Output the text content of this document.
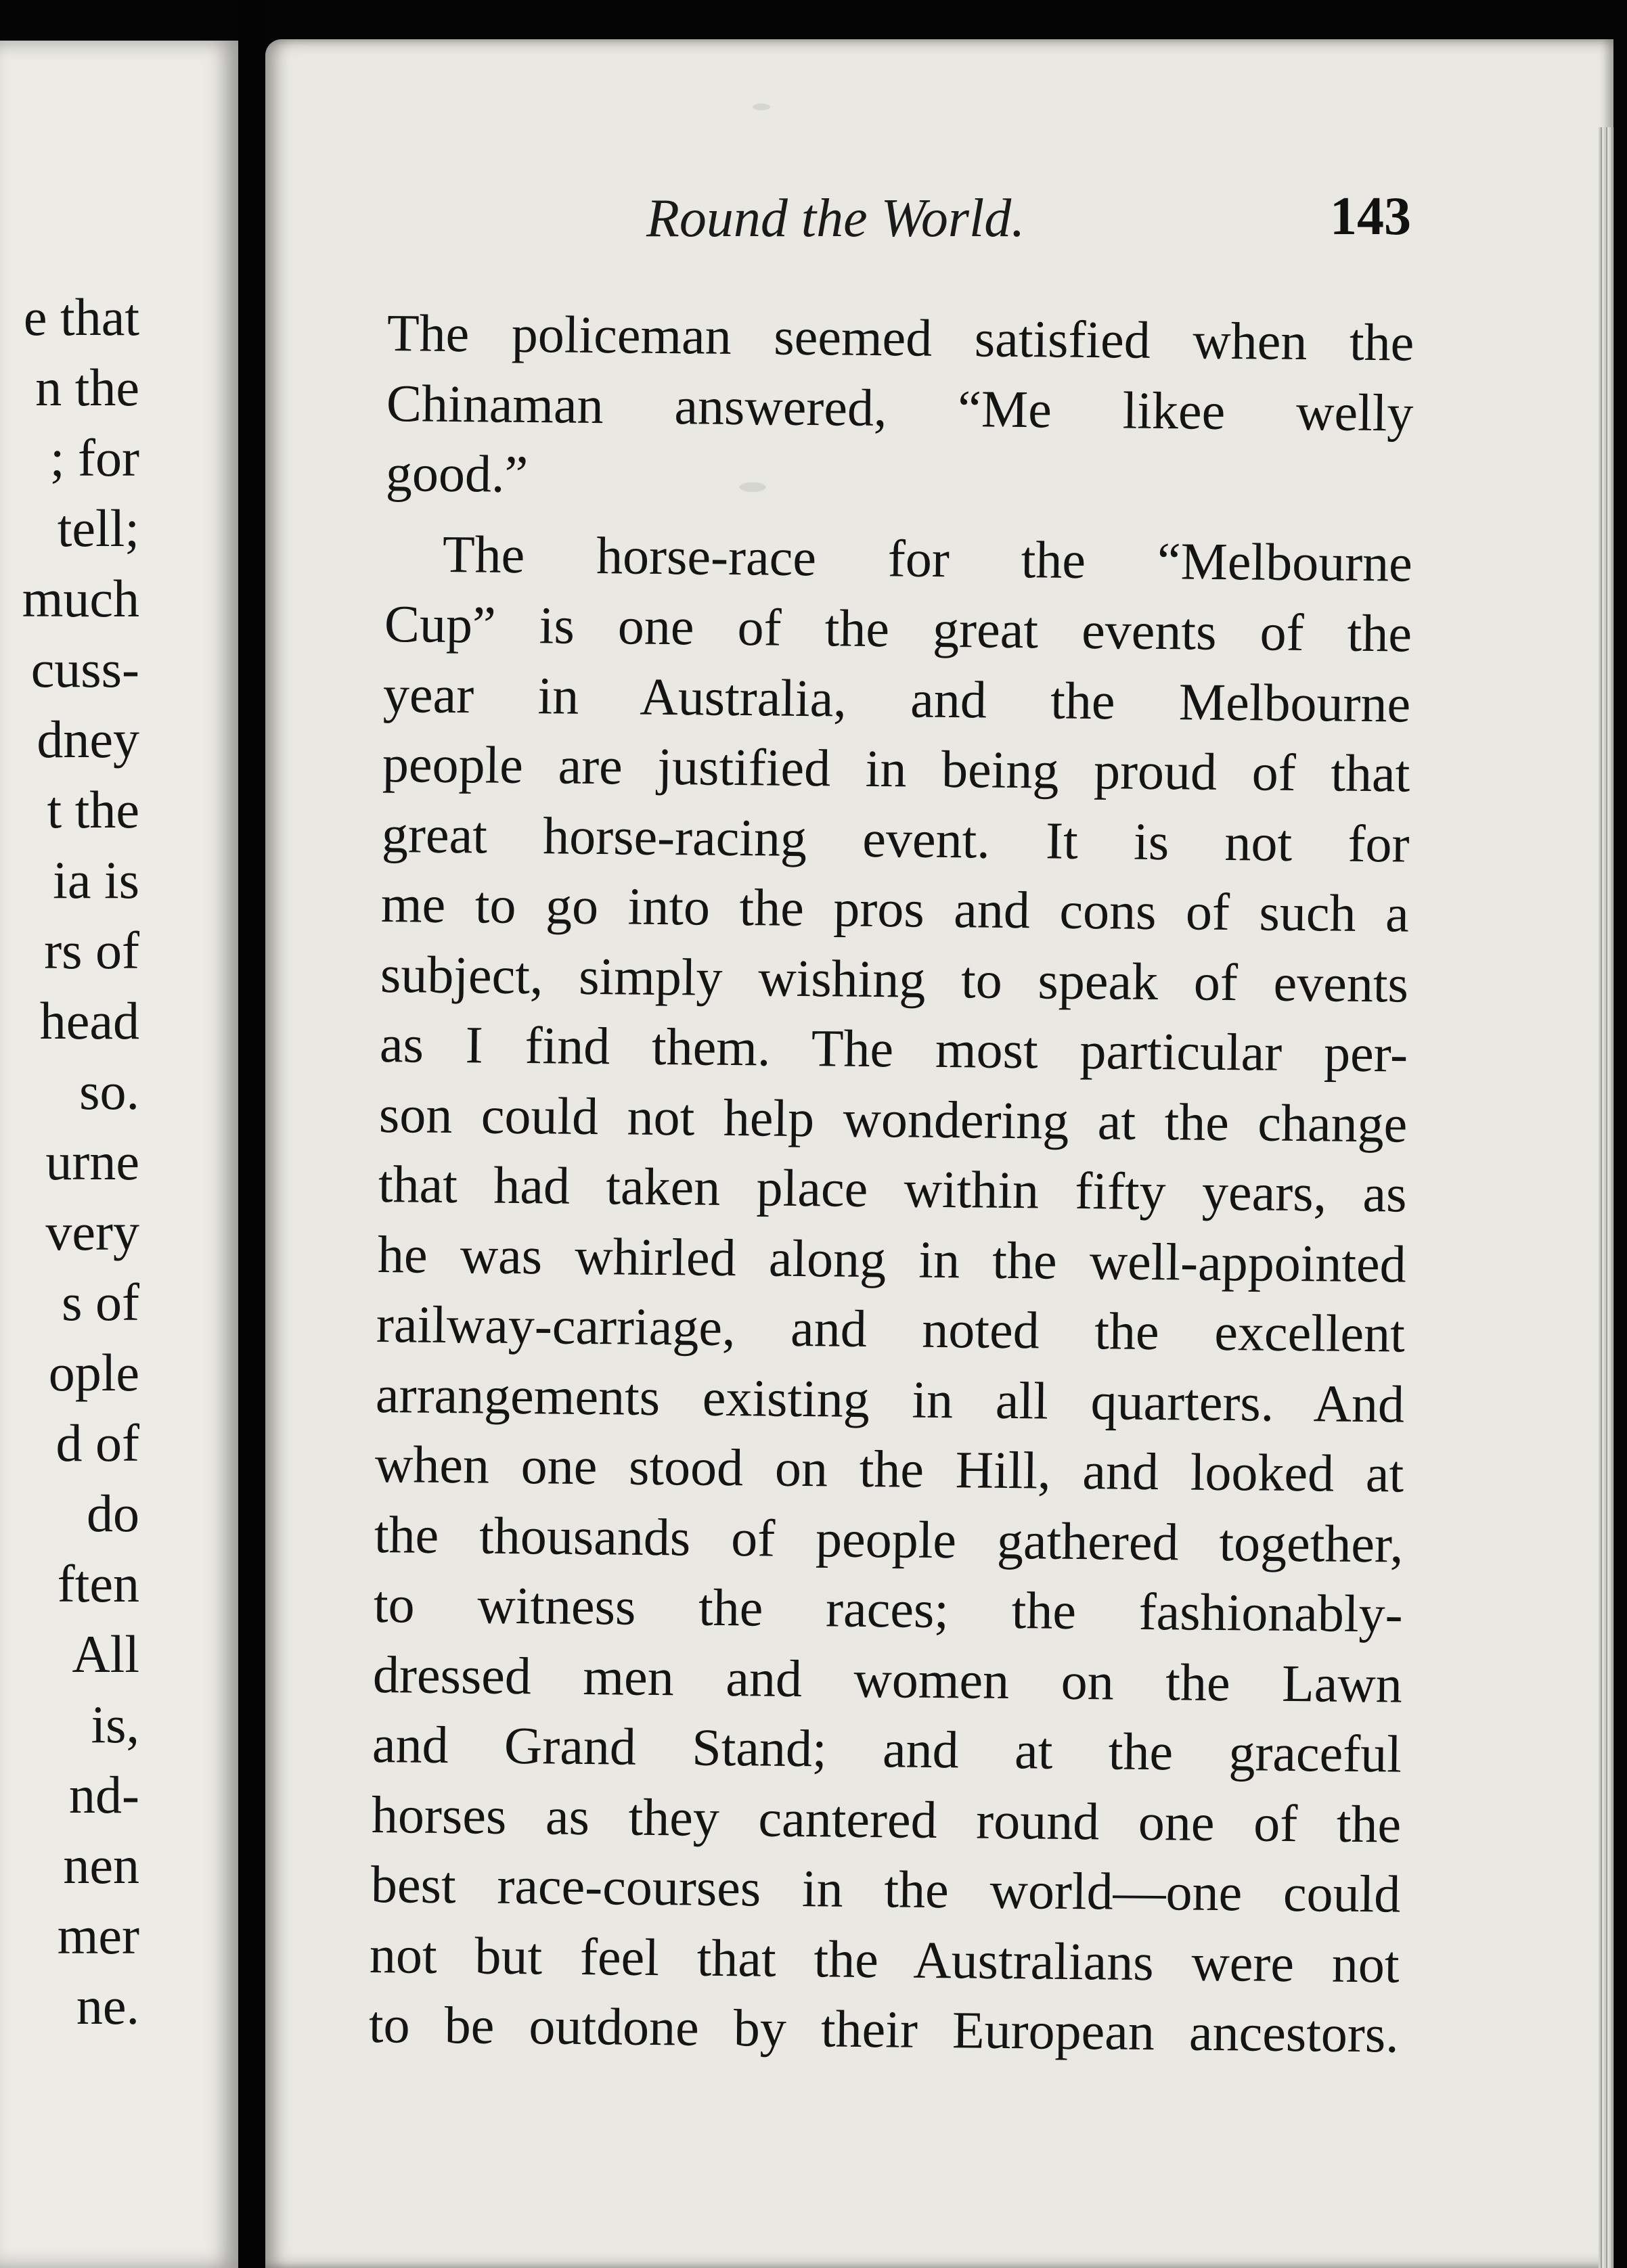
e that
n the
; for
tell;
much
cuss-
dney
t the
ia is
rs of
head
so.
urne
very
s of
ople
d of
do
ften
All
is,
nd-
nen
mer
ne.
Round the World.	143
The policeman seemed satisfied when the
Chinaman answered, “Me likee welly
good.”
The horse-race for the “Melbourne
Cup” is one of the great events of the
year in Australia, and the Melbourne
people are justified in being proud of that
great horse-racing event. It is not for
me to go into the pros and cons of such a
subject, simply wishing to speak of events
as I find them. The most particular per-
son could not help wondering at the change
that had taken place within fifty years, as
he was whirled along in the well-appointed
railway-carriage, and noted the excellent
arrangements existing in all quarters. And
when one stood on the Hill, and looked at
the thousands of people gathered together,
to witness the races; the fashionably-
dressed men and women on the Lawn
and Grand Stand; and at the graceful
horses as they cantered round one of the
best race-courses in the world—one could
not but feel that the Australians were not
to be outdone by their European ancestors.
